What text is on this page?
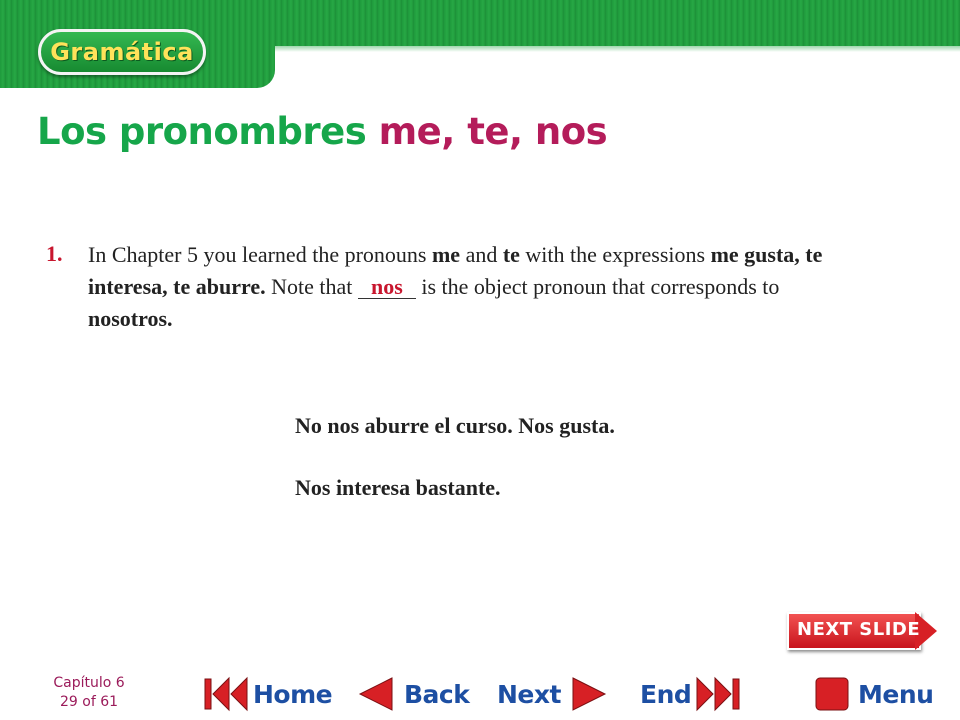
Gramática
Los pronombres me, te, nos
1. In Chapter 5 you learned the pronouns me and te with the expressions me gusta, te interesa, te aburre. Note that nos is the object pronoun that corresponds to nosotros.
No nos aburre el curso. Nos gusta.
Nos interesa bastante.
NEXT SLIDE
Capítulo 6
29 of 61	Home	Back Next	End	Menu
